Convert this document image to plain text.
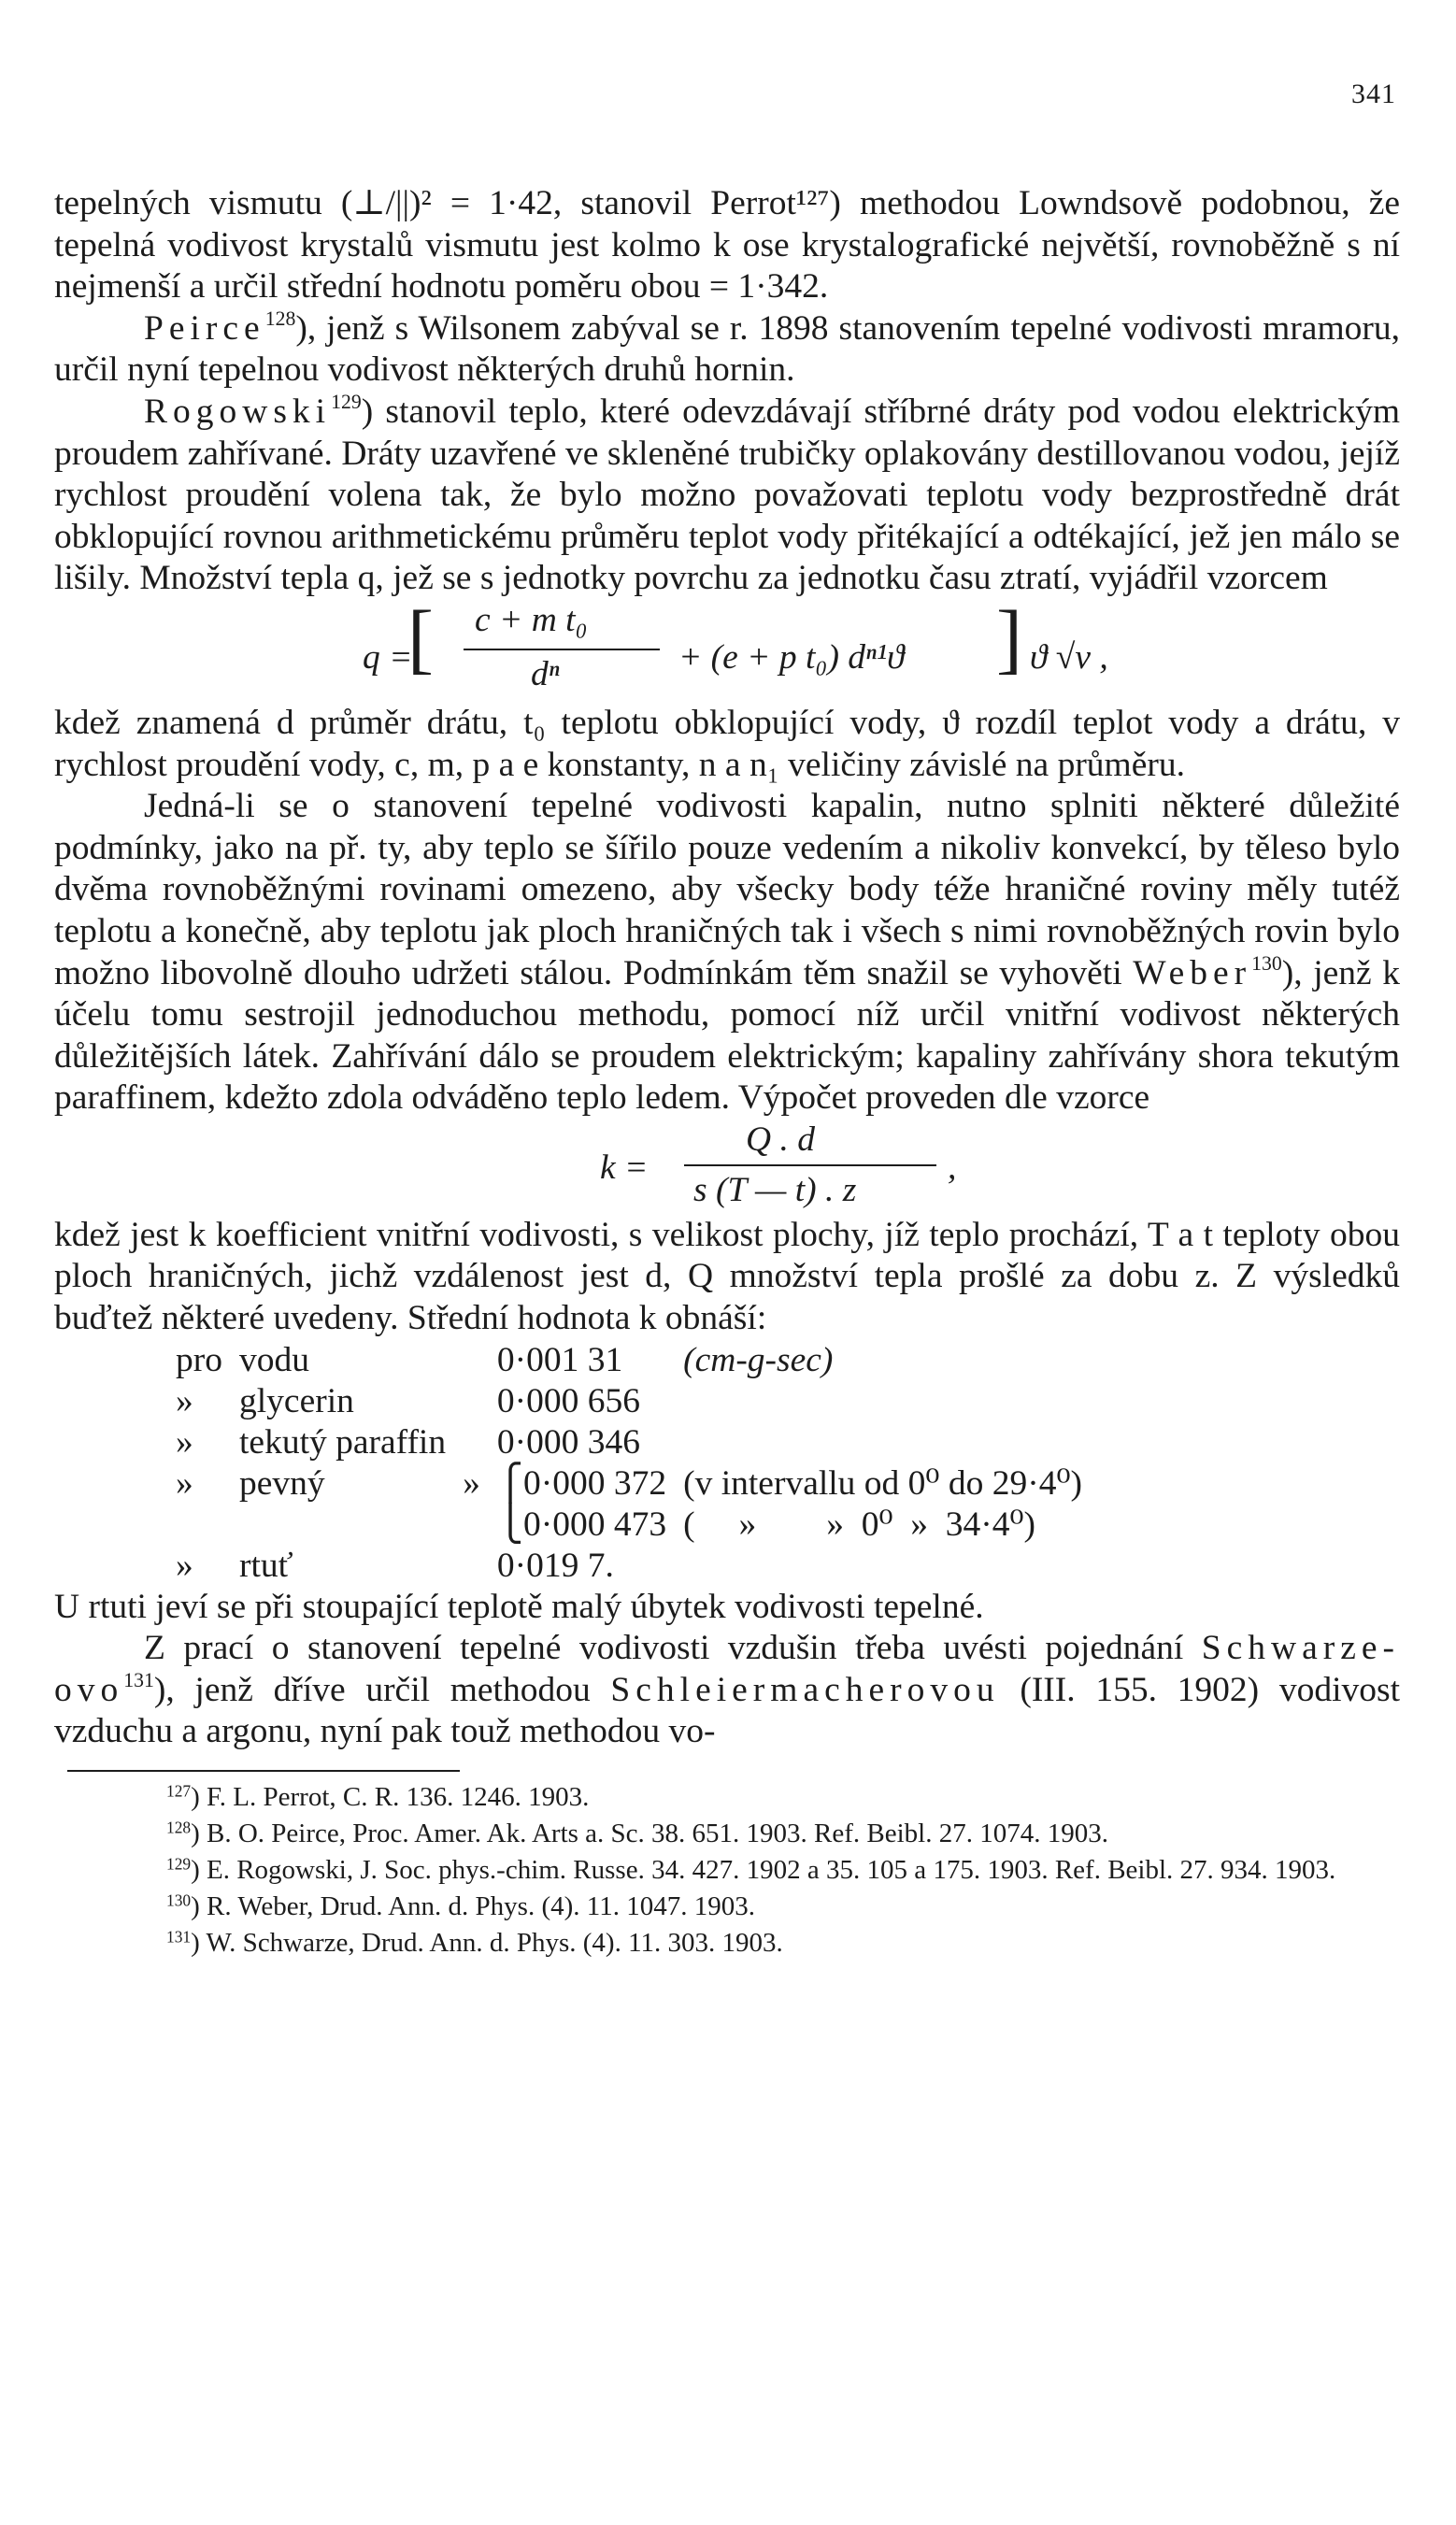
341
tepelných vismutu (⊥/||)² = 1·42, stanovil Perrot¹²⁷) methodou Lowndsově podobnou, že tepelná vodivost krystalů vismutu jest kolmo k ose krystalografické největší, rovnoběžně s ní nejmenší a určil střední hodnotu poměru obou = 1·342.
Peirce$^{128}$), jenž s Wilsonem zabýval se r. 1898 stanovením tepelné vodivosti mramoru, určil nyní tepelnou vodivost některých druhů hornin.
Rogowski$^{129}$) stanovil teplo, které odevzdávají stříbrné dráty pod vodou elektrickým proudem zahřívané. Dráty uzavřené ve skleněné trubičky oplakovány destillovanou vodou, jejíž rychlost proudění volena tak, že bylo možno považovati teplotu vody bezprostředně drát obklopující rovnou arithmetickému průměru teplot vody přitékající a odtékající, jež jen málo se lišily. Množství tepla q, jež se s jednotky povrchu za jednotku času ztratí, vyjádřil vzorcem
q =
[ c + m t₀
dⁿ	+ (e + p t₀) dⁿ¹ϑ ] ϑ √v ,
kdež znamená d průměr drátu, t₀ teplotu obklopující vody, ϑ rozdíl teplot vody a drátu, v rychlost proudění vody, c, m, p a e konstanty, n a n₁ veličiny závislé na průměru.
Jedná-li se o stanovení tepelné vodivosti kapalin, nutno splniti některé důležité podmínky, jako na př. ty, aby teplo se šířilo pouze vedením a nikoliv konvekcí, by těleso bylo dvěma rovnoběžnými rovinami omezeno, aby všecky body téže hraničné roviny měly tutéž teplotu a konečně, aby teplotu jak ploch hraničných tak i všech s nimi rovnoběžných rovin bylo možno libovolně dlouho udržeti stálou. Podmínkám těm snažil se vyhověti Weber$^{130}$), jenž k účelu tomu sestrojil jednoduchou methodu, pomocí níž určil vnitřní vodivost některých důležitějších látek. Zahřívání dálo se proudem elektrickým; kapaliny zahřívány shora tekutým paraffinem, kdežto zdola odváděno teplo ledem. Výpočet proveden dle vzorce
k =
Q . d
s (T — t) . z
,
kdež jest k koefficient vnitřní vodivosti, s velikost plochy, jíž teplo prochází, T a t teploty obou ploch hraničných, jichž vzdálenost jest d, Q množství tepla prošlé za dobu z. Z výsledků buďtež některé uvedeny. Střední hodnota k obnáší:
pro	vodu		0·001 31	(cm-g-sec)
»	glycerin		0·000 656	
»	tekutý paraffin		0·000 346	
»	pevný	»	⎧0·000 372	(v intervallu od 0⁰ do 29·4⁰)
			⎩0·000 473	(     »        »  0⁰  »  34·4⁰)
»	rtuť		0·019 7.	
U rtuti jeví se při stoupající teplotě malý úbytek vodivosti tepelné.
Z prací o stanovení tepelné vodivosti vzdušin třeba uvésti pojednání Schwarze-ovo$^{131}$), jenž dříve určil methodou Schleiermacherovou (III. 155. 1902) vodivost vzduchu a argonu, nyní pak touž methodou vo-
$^{127}$) F. L. Perrot, C. R. 136. 1246. 1903.
$^{128}$) B. O. Peirce, Proc. Amer. Ak. Arts a. Sc. 38. 651. 1903. Ref. Beibl. 27. 1074. 1903.
$^{129}$) E. Rogowski, J. Soc. phys.-chim. Russe. 34. 427. 1902 a 35. 105 a 175. 1903. Ref. Beibl. 27. 934. 1903.
$^{130}$) R. Weber, Drud. Ann. d. Phys. (4). 11. 1047. 1903.
$^{131}$) W. Schwarze, Drud. Ann. d. Phys. (4). 11. 303. 1903.
